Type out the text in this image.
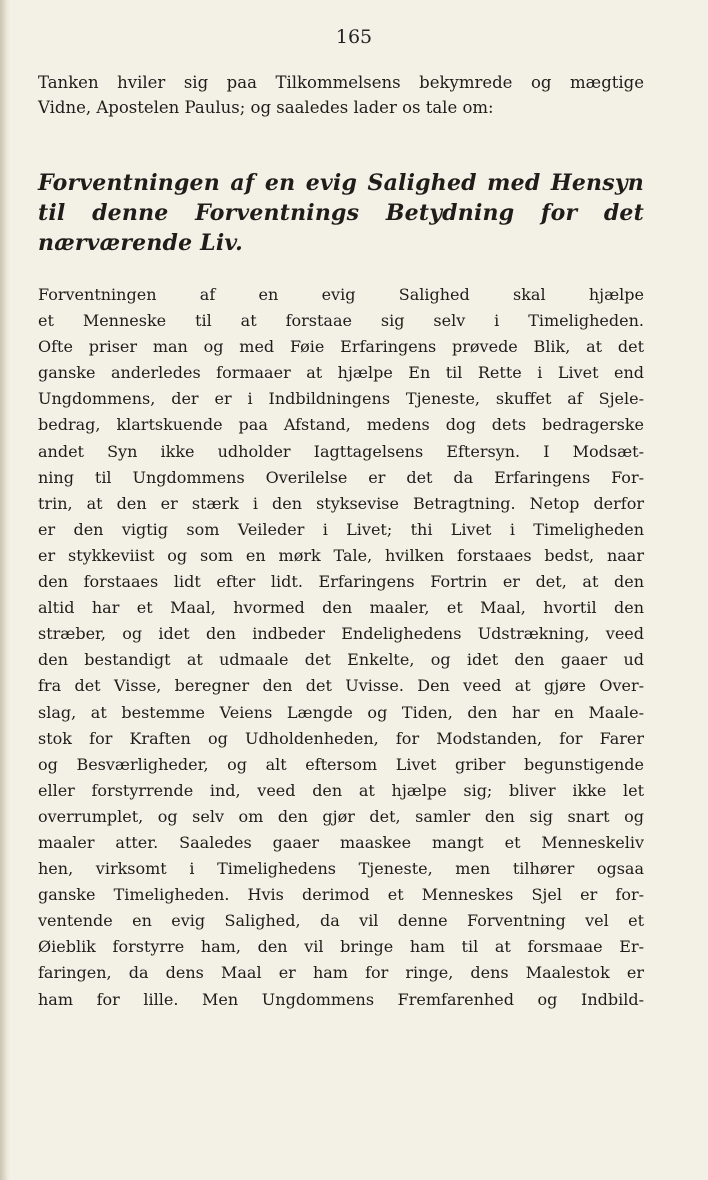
165
Tanken hviler sig paa Tilkommelsens bekymrede og mægtige
Vidne, Apostelen Paulus; og saaledes lader os tale om:
Forventningen af en evig Salighed med Hensyn
til denne Forventnings Betydning for det
nærværende Liv.
Forventningen af en evig Salighed skal hjælpe
et Menneske til at forstaae sig selv i Timeligheden.
Ofte priser man og med Føie Erfaringens prøvede Blik, at det
ganske anderledes formaaer at hjælpe En til Rette i Livet end
Ungdommens, der er i Indbildningens Tjeneste, skuffet af Sjele-
bedrag, klartskuende paa Afstand, medens dog dets bedragerske
andet Syn ikke udholder Iagttagelsens Eftersyn. I Modsæt-
ning til Ungdommens Overilelse er det da Erfaringens For-
trin, at den er stærk i den styksevise Betragtning. Netop derfor
er den vigtig som Veileder i Livet; thi Livet i Timeligheden
er stykkeviist og som en mørk Tale, hvilken forstaaes bedst, naar
den forstaaes lidt efter lidt. Erfaringens Fortrin er det, at den
altid har et Maal, hvormed den maaler, et Maal, hvortil den
stræber, og idet den indbeder Endelighedens Udstrækning, veed
den bestandigt at udmaale det Enkelte, og idet den gaaer ud
fra det Visse, beregner den det Uvisse. Den veed at gjøre Over-
slag, at bestemme Veiens Længde og Tiden, den har en Maale-
stok for Kraften og Udholdenheden, for Modstanden, for Farer
og Besværligheder, og alt eftersom Livet griber begunstigende
eller forstyrrende ind, veed den at hjælpe sig; bliver ikke let
overrumplet, og selv om den gjør det, samler den sig snart og
maaler atter. Saaledes gaaer maaskee mangt et Menneskeliv
hen, virksomt i Timelighedens Tjeneste, men tilhører ogsaa
ganske Timeligheden. Hvis derimod et Menneskes Sjel er for-
ventende en evig Salighed, da vil denne Forventning vel et
Øieblik forstyrre ham, den vil bringe ham til at forsmaae Er-
faringen, da dens Maal er ham for ringe, dens Maalestok er
ham for lille. Men Ungdommens Fremfarenhed og Indbild-
